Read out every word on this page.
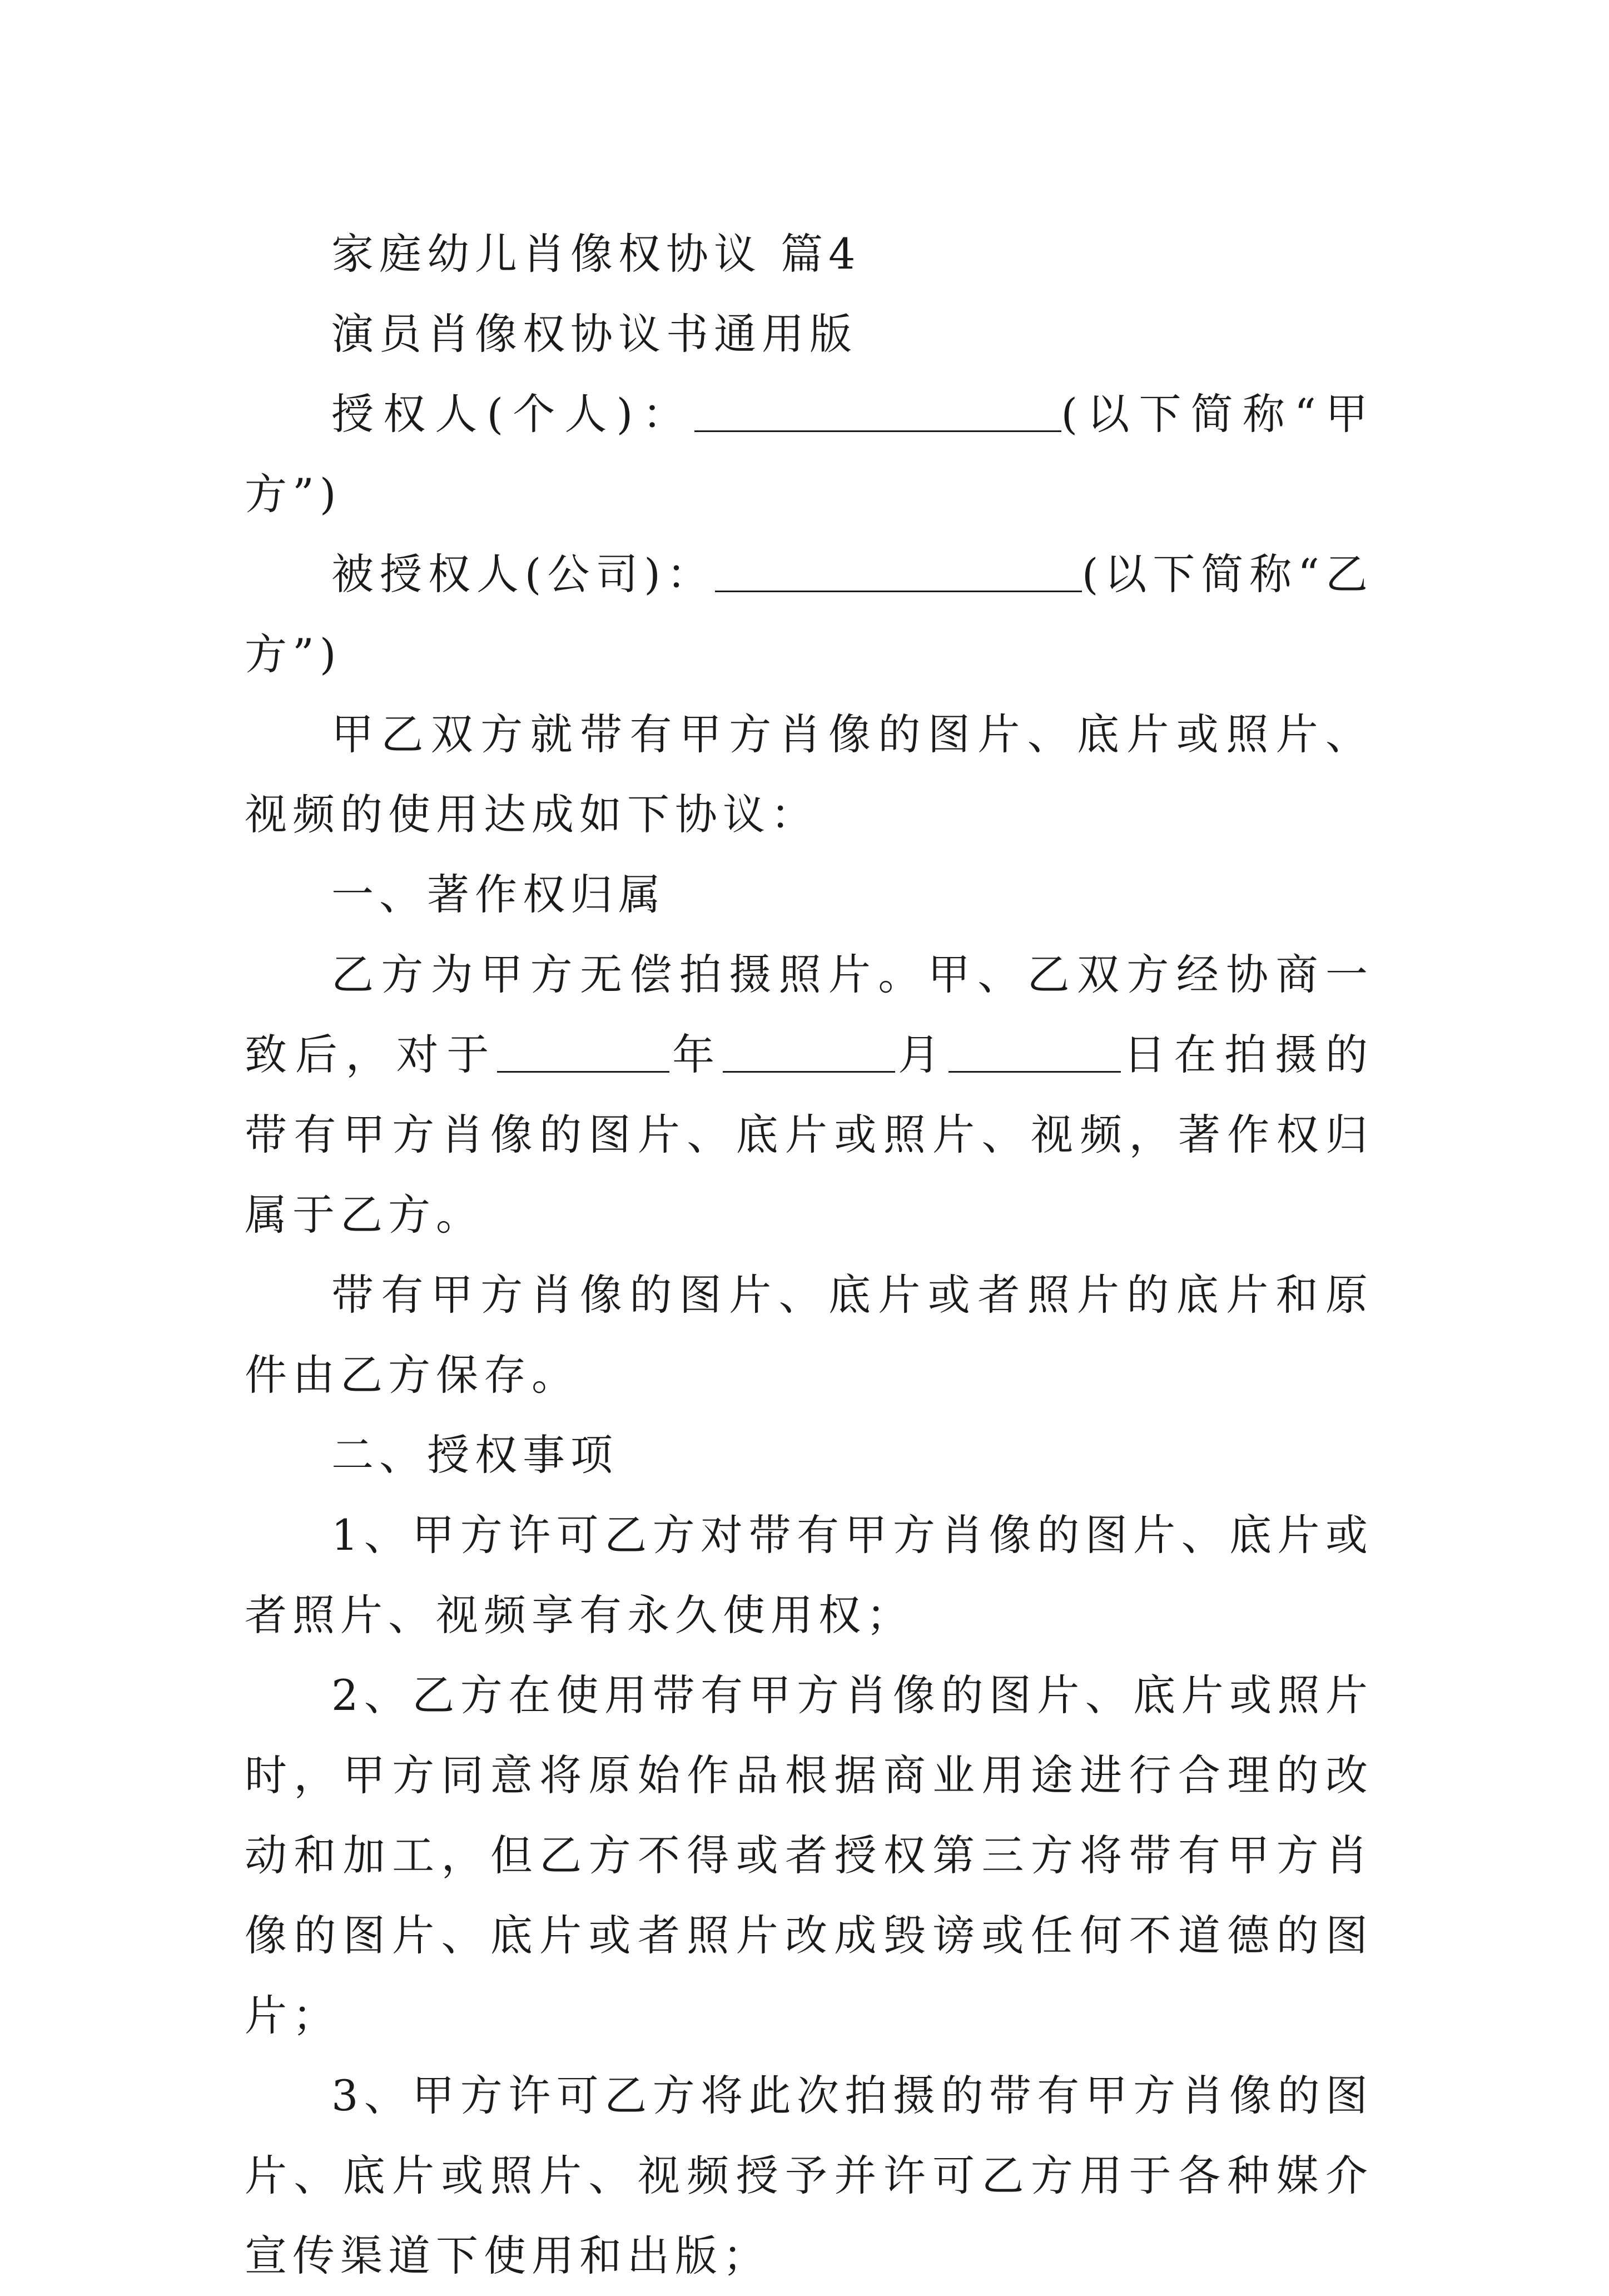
家庭幼儿肖像权协议 篇4

演员肖像权协议书通用版

授权人(个人)：	(以下简称“甲方”)

被授权人(公司)：	(以下简称“乙方”)

甲乙双方就带有甲方肖像的图片、底片或照片、视频的使用达成如下协议：

一、著作权归属

乙方为甲方无偿拍摄照片。甲、乙双方经协商一致后，对于	年	月	日在拍摄的带有甲方肖像的图片、底片或照片、视频，著作权归属于乙方。

带有甲方肖像的图片、底片或者照片的底片和原件由乙方保存。

二、授权事项

1、甲方许可乙方对带有甲方肖像的图片、底片或者照片、视频享有永久使用权；

2、乙方在使用带有甲方肖像的图片、底片或照片时，甲方同意将原始作品根据商业用途进行合理的改动和加工，但乙方不得或者授权第三方将带有甲方肖像的图片、底片或者照片改成毁谤或任何不道德的图片；

3、甲方许可乙方将此次拍摄的带有甲方肖像的图片、底片或照片、视频授予并许可乙方用于各种媒介宣传渠道下使用和出版；
